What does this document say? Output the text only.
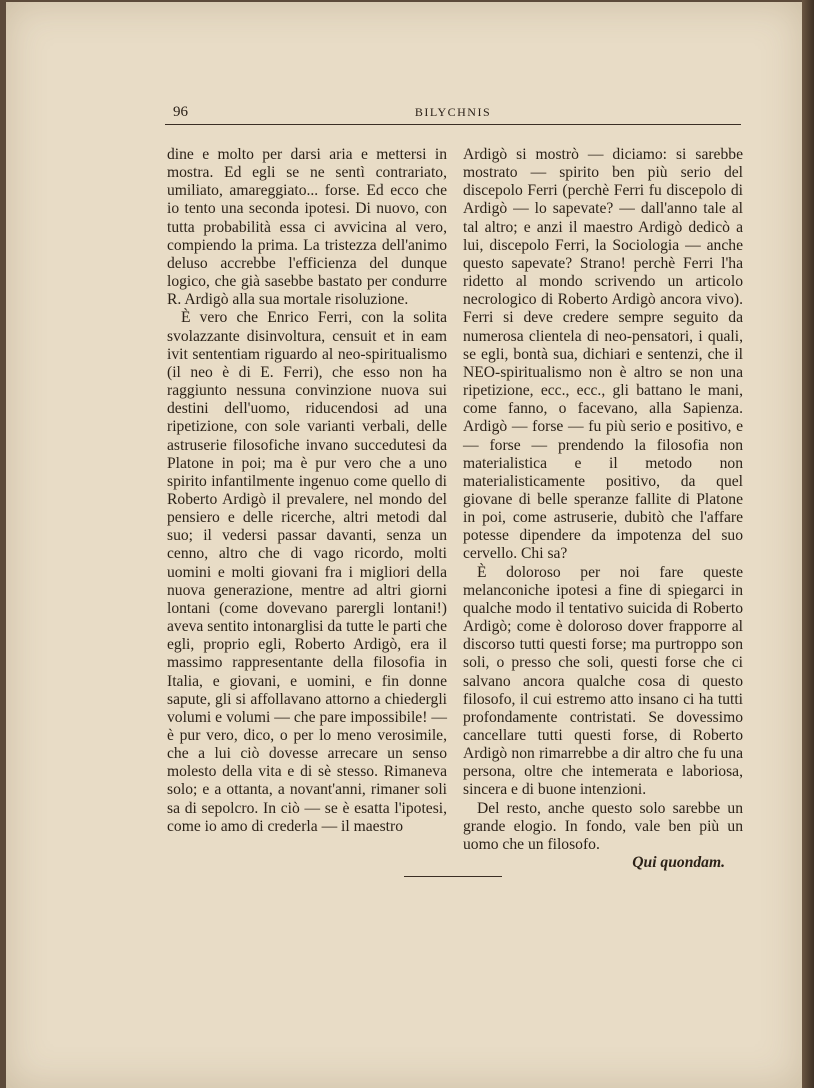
96	BILYCHNIS

dine e molto per darsi aria e mettersi in mostra. Ed egli se ne sentì contrariato, umiliato, amareggiato... forse. Ed ecco che io tento una seconda ipotesi. Di nuovo, con tutta probabilità essa ci avvicina al vero, compiendo la prima. La tristezza dell'animo deluso accrebbe l'efficienza del dunque logico, che già sasebbe bastato per condurre R. Ardigò alla sua mortale risoluzione.

È vero che Enrico Ferri, con la solita svolazzante disinvoltura, censuit et in eam ivit sententiam riguardo al neo-spiritualismo (il neo è di E. Ferri), che esso non ha raggiunto nessuna convinzione nuova sui destini dell'uomo, riducendosi ad una ripetizione, con sole varianti verbali, delle astruserie filosofiche invano succedutesi da Platone in poi; ma è pur vero che a uno spirito infantilmente ingenuo come quello di Roberto Ardigò il prevalere, nel mondo del pensiero e delle ricerche, altri metodi dal suo; il vedersi passar davanti, senza un cenno, altro che di vago ricordo, molti uomini e molti giovani fra i migliori della nuova generazione, mentre ad altri giorni lontani (come dovevano parergli lontani!) aveva sentito intonarglisi da tutte le parti che egli, proprio egli, Roberto Ardigò, era il massimo rappresentante della filosofia in Italia, e giovani, e uomini, e fin donne sapute, gli si affollavano attorno a chiedergli volumi e volumi — che pare impossibile! — è pur vero, dico, o per lo meno verosimile, che a lui ciò dovesse arrecare un senso molesto della vita e di sè stesso. Rimaneva solo; e a ottanta, a novant'anni, rimaner soli sa di sepolcro. In ciò — se è esatta l'ipotesi, come io amo di crederla — il maestro

Ardigò si mostrò — diciamo: si sarebbe mostrato — spirito ben più serio del discepolo Ferri (perchè Ferri fu discepolo di Ardigò — lo sapevate? — dall'anno tale al tal altro; e anzi il maestro Ardigò dedicò a lui, discepolo Ferri, la Sociologia — anche questo sapevate? Strano! perchè Ferri l'ha ridetto al mondo scrivendo un articolo necrologico di Roberto Ardigò ancora vivo). Ferri si deve credere sempre seguito da numerosa clientela di neo-pensatori, i quali, se egli, bontà sua, dichiari e sentenzi, che il NEO-spiritualismo non è altro se non una ripetizione, ecc., ecc., gli battano le mani, come fanno, o facevano, alla Sapienza. Ardigò — forse — fu più serio e positivo, e — forse — prendendo la filosofia non materialistica e il metodo non materialisticamente positivo, da quel giovane di belle speranze fallite di Platone in poi, come astruserie, dubitò che l'affare potesse dipendere da impotenza del suo cervello. Chi sa?

È doloroso per noi fare queste melanconiche ipotesi a fine di spiegarci in qualche modo il tentativo suicida di Roberto Ardigò; come è doloroso dover frapporre al discorso tutti questi forse; ma purtroppo son soli, o presso che soli, questi forse che ci salvano ancora qualche cosa di questo filosofo, il cui estremo atto insano ci ha tutti profondamente contristati. Se dovessimo cancellare tutti questi forse, di Roberto Ardigò non rimarrebbe a dir altro che fu una persona, oltre che intemerata e laboriosa, sincera e di buone intenzioni.

Del resto, anche questo solo sarebbe un grande elogio. In fondo, vale ben più un uomo che un filosofo.

Qui quondam.
